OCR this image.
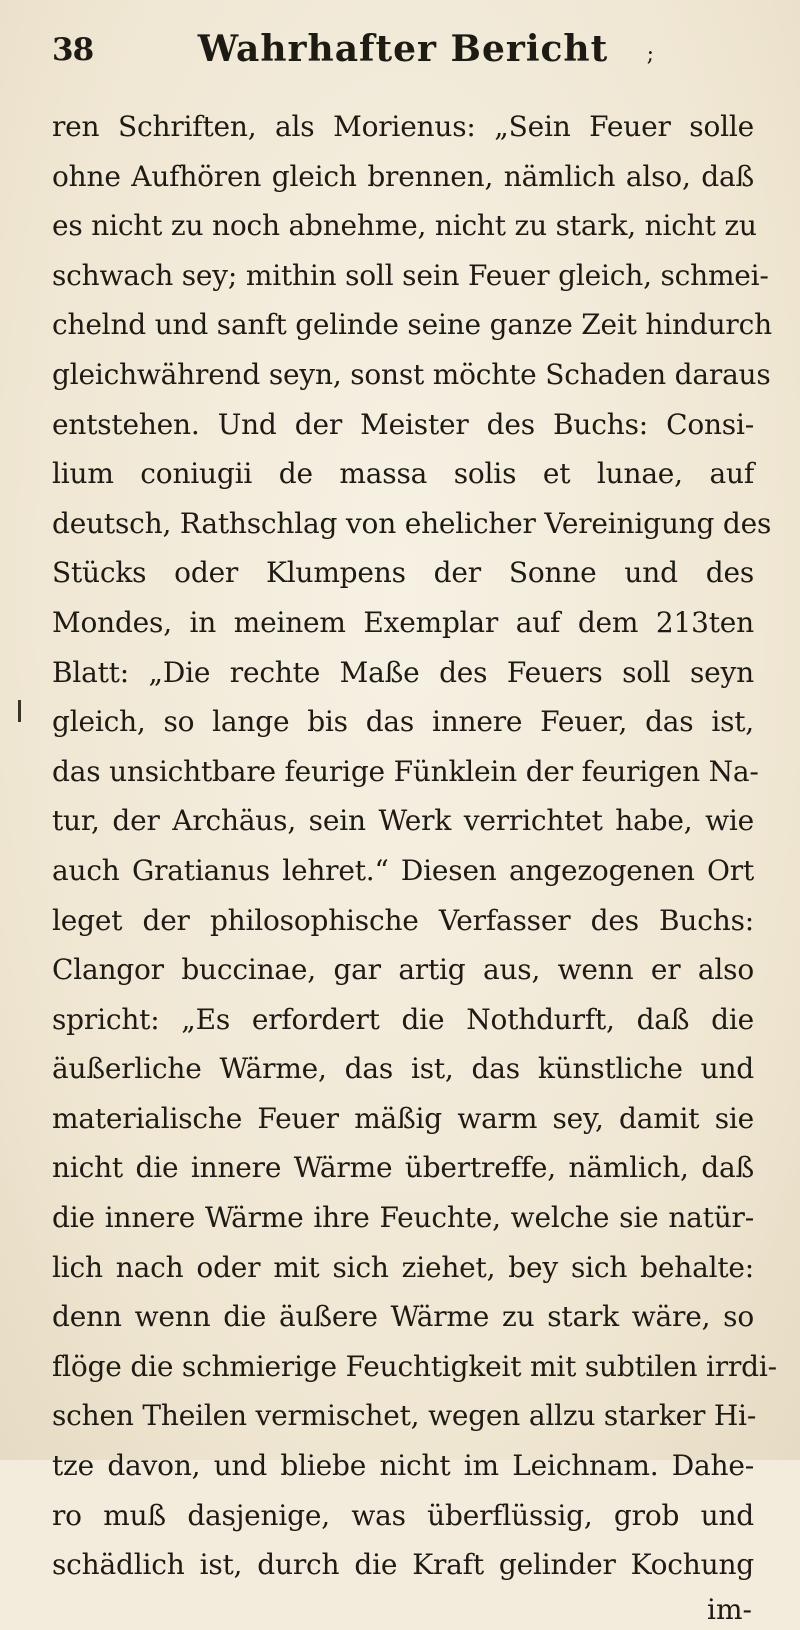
38	Wahrhafter Bericht	;
ren Schriften, als Morienus: „Sein Feuer solle
ohne Aufhören gleich brennen, nämlich also, daß
es nicht zu noch abnehme, nicht zu stark, nicht zu
schwach sey; mithin soll sein Feuer gleich, schmei-
chelnd und sanft gelinde seine ganze Zeit hindurch
gleichwährend seyn, sonst möchte Schaden daraus
entstehen. Und der Meister des Buchs: Consi-
lium coniugii de massa solis et lunae, auf
deutsch, Rathschlag von ehelicher Vereinigung des
Stücks oder Klumpens der Sonne und des
Mondes, in meinem Exemplar auf dem 213ten
Blatt: „Die rechte Maße des Feuers soll seyn
gleich, so lange bis das innere Feuer, das ist,
das unsichtbare feurige Fünklein der feurigen Na-
tur, der Archäus, sein Werk verrichtet habe, wie
auch Gratianus lehret.“ Diesen angezogenen Ort
leget der philosophische Verfasser des Buchs:
Clangor buccinae, gar artig aus, wenn er also
spricht: „Es erfordert die Nothdurft, daß die
äußerliche Wärme, das ist, das künstliche und
materialische Feuer mäßig warm sey, damit sie
nicht die innere Wärme übertreffe, nämlich, daß
die innere Wärme ihre Feuchte, welche sie natür-
lich nach oder mit sich ziehet, bey sich behalte:
denn wenn die äußere Wärme zu stark wäre, so
flöge die schmierige Feuchtigkeit mit subtilen irrdi-
schen Theilen vermischet, wegen allzu starker Hi-
tze davon, und bliebe nicht im Leichnam. Dahe-
ro muß dasjenige, was überflüssig, grob und
schädlich ist, durch die Kraft gelinder Kochung
im-
